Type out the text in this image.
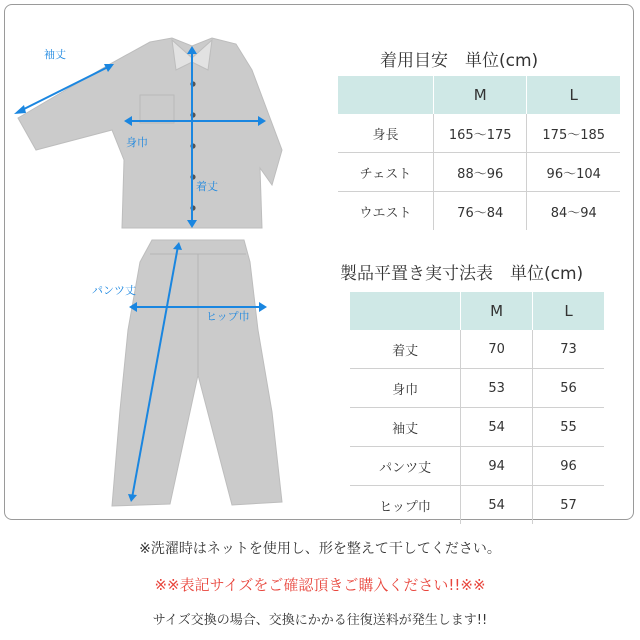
袖丈
身巾
着丈
パンツ丈
ヒップ巾
着用目安　単位(cm)
	M	L
身長	165～175	175～185
チェスト	88～96	96～104
ウエスト	76～84	84～94
製品平置き実寸法表　単位(cm)
	M	L
着丈	70	73
身巾	53	56
袖丈	54	55
パンツ丈	94	96
ヒップ巾	54	57
※洗濯時はネットを使用し、形を整えて干してください。
※※表記サイズをご確認頂きご購入ください!!※※
サイズ交換の場合、交換にかかる往復送料が発生します!!
